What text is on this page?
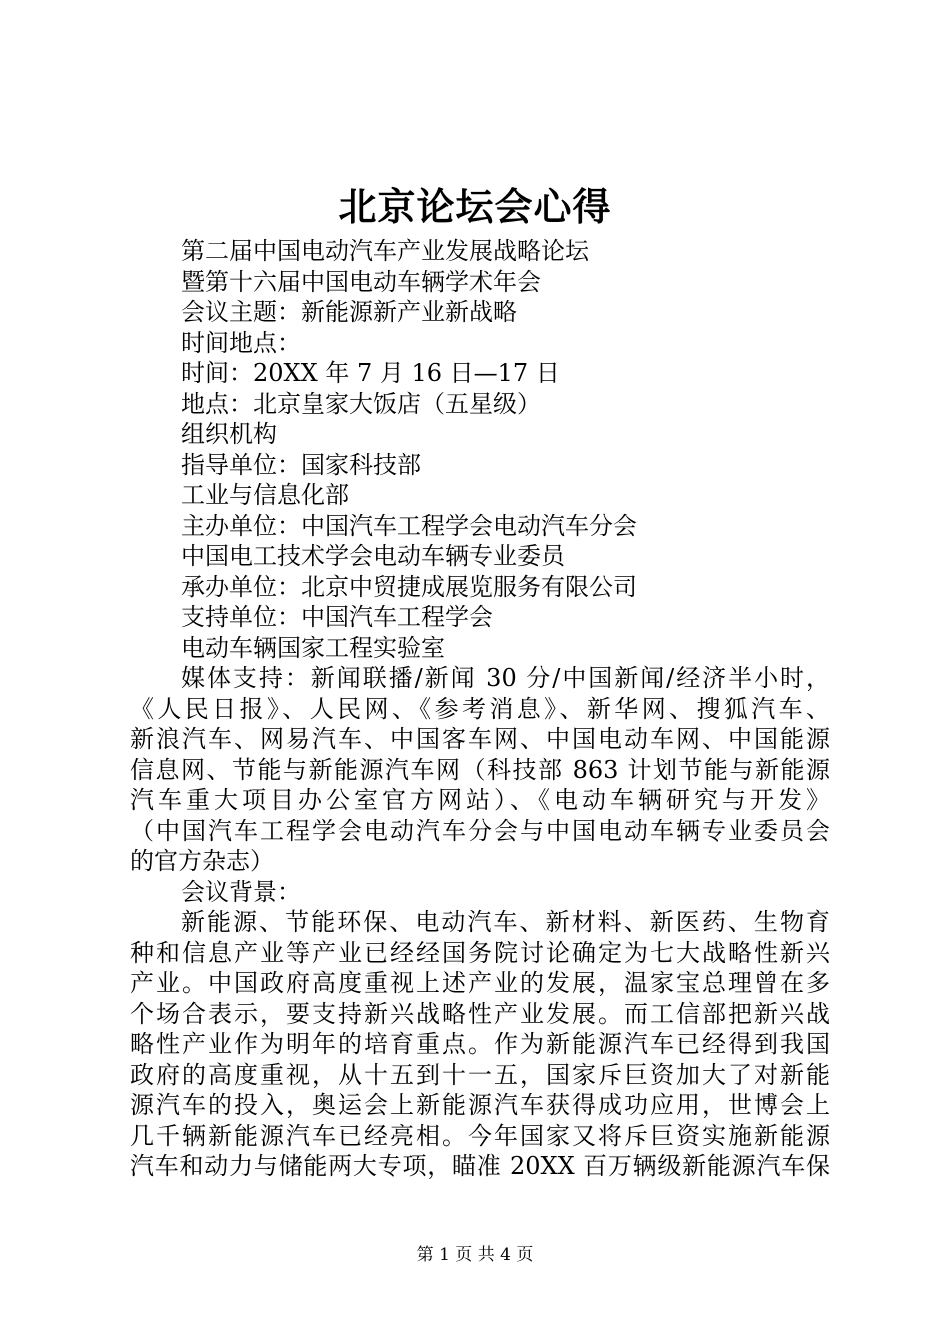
北京论坛会心得
第二届中国电动汽车产业发展战略论坛
暨第十六届中国电动车辆学术年会
会议主题：新能源新产业新战略
时间地点：
时间：20XX 年 7 月 16 日—17 日
地点：北京皇家大饭店（五星级）
组织机构
指导单位：国家科技部
工业与信息化部
主办单位：中国汽车工程学会电动汽车分会
中国电工技术学会电动车辆专业委员
承办单位：北京中贸捷成展览服务有限公司
支持单位：中国汽车工程学会
电动车辆国家工程实验室
媒体支持：新闻联播/新闻 30 分/中国新闻/经济半小时，
《人民日报》、人民网、《参考消息》、新华网、搜狐汽车、
新浪汽车、网易汽车、中国客车网、中国电动车网、中国能源
信息网、节能与新能源汽车网（科技部 863 计划节能与新能源
汽车重大项目办公室官方网站）、《电动车辆研究与开发》
（中国汽车工程学会电动汽车分会与中国电动车辆专业委员会
的官方杂志）
会议背景：
新能源、节能环保、电动汽车、新材料、新医药、生物育
种和信息产业等产业已经经国务院讨论确定为七大战略性新兴
产业。中国政府高度重视上述产业的发展，温家宝总理曾在多
个场合表示，要支持新兴战略性产业发展。而工信部把新兴战
略性产业作为明年的培育重点。作为新能源汽车已经得到我国
政府的高度重视，从十五到十一五，国家斥巨资加大了对新能
源汽车的投入，奥运会上新能源汽车获得成功应用，世博会上
几千辆新能源汽车已经亮相。今年国家又将斥巨资实施新能源
汽车和动力与储能两大专项，瞄准 20XX 百万辆级新能源汽车保
第 1 页 共 4 页
